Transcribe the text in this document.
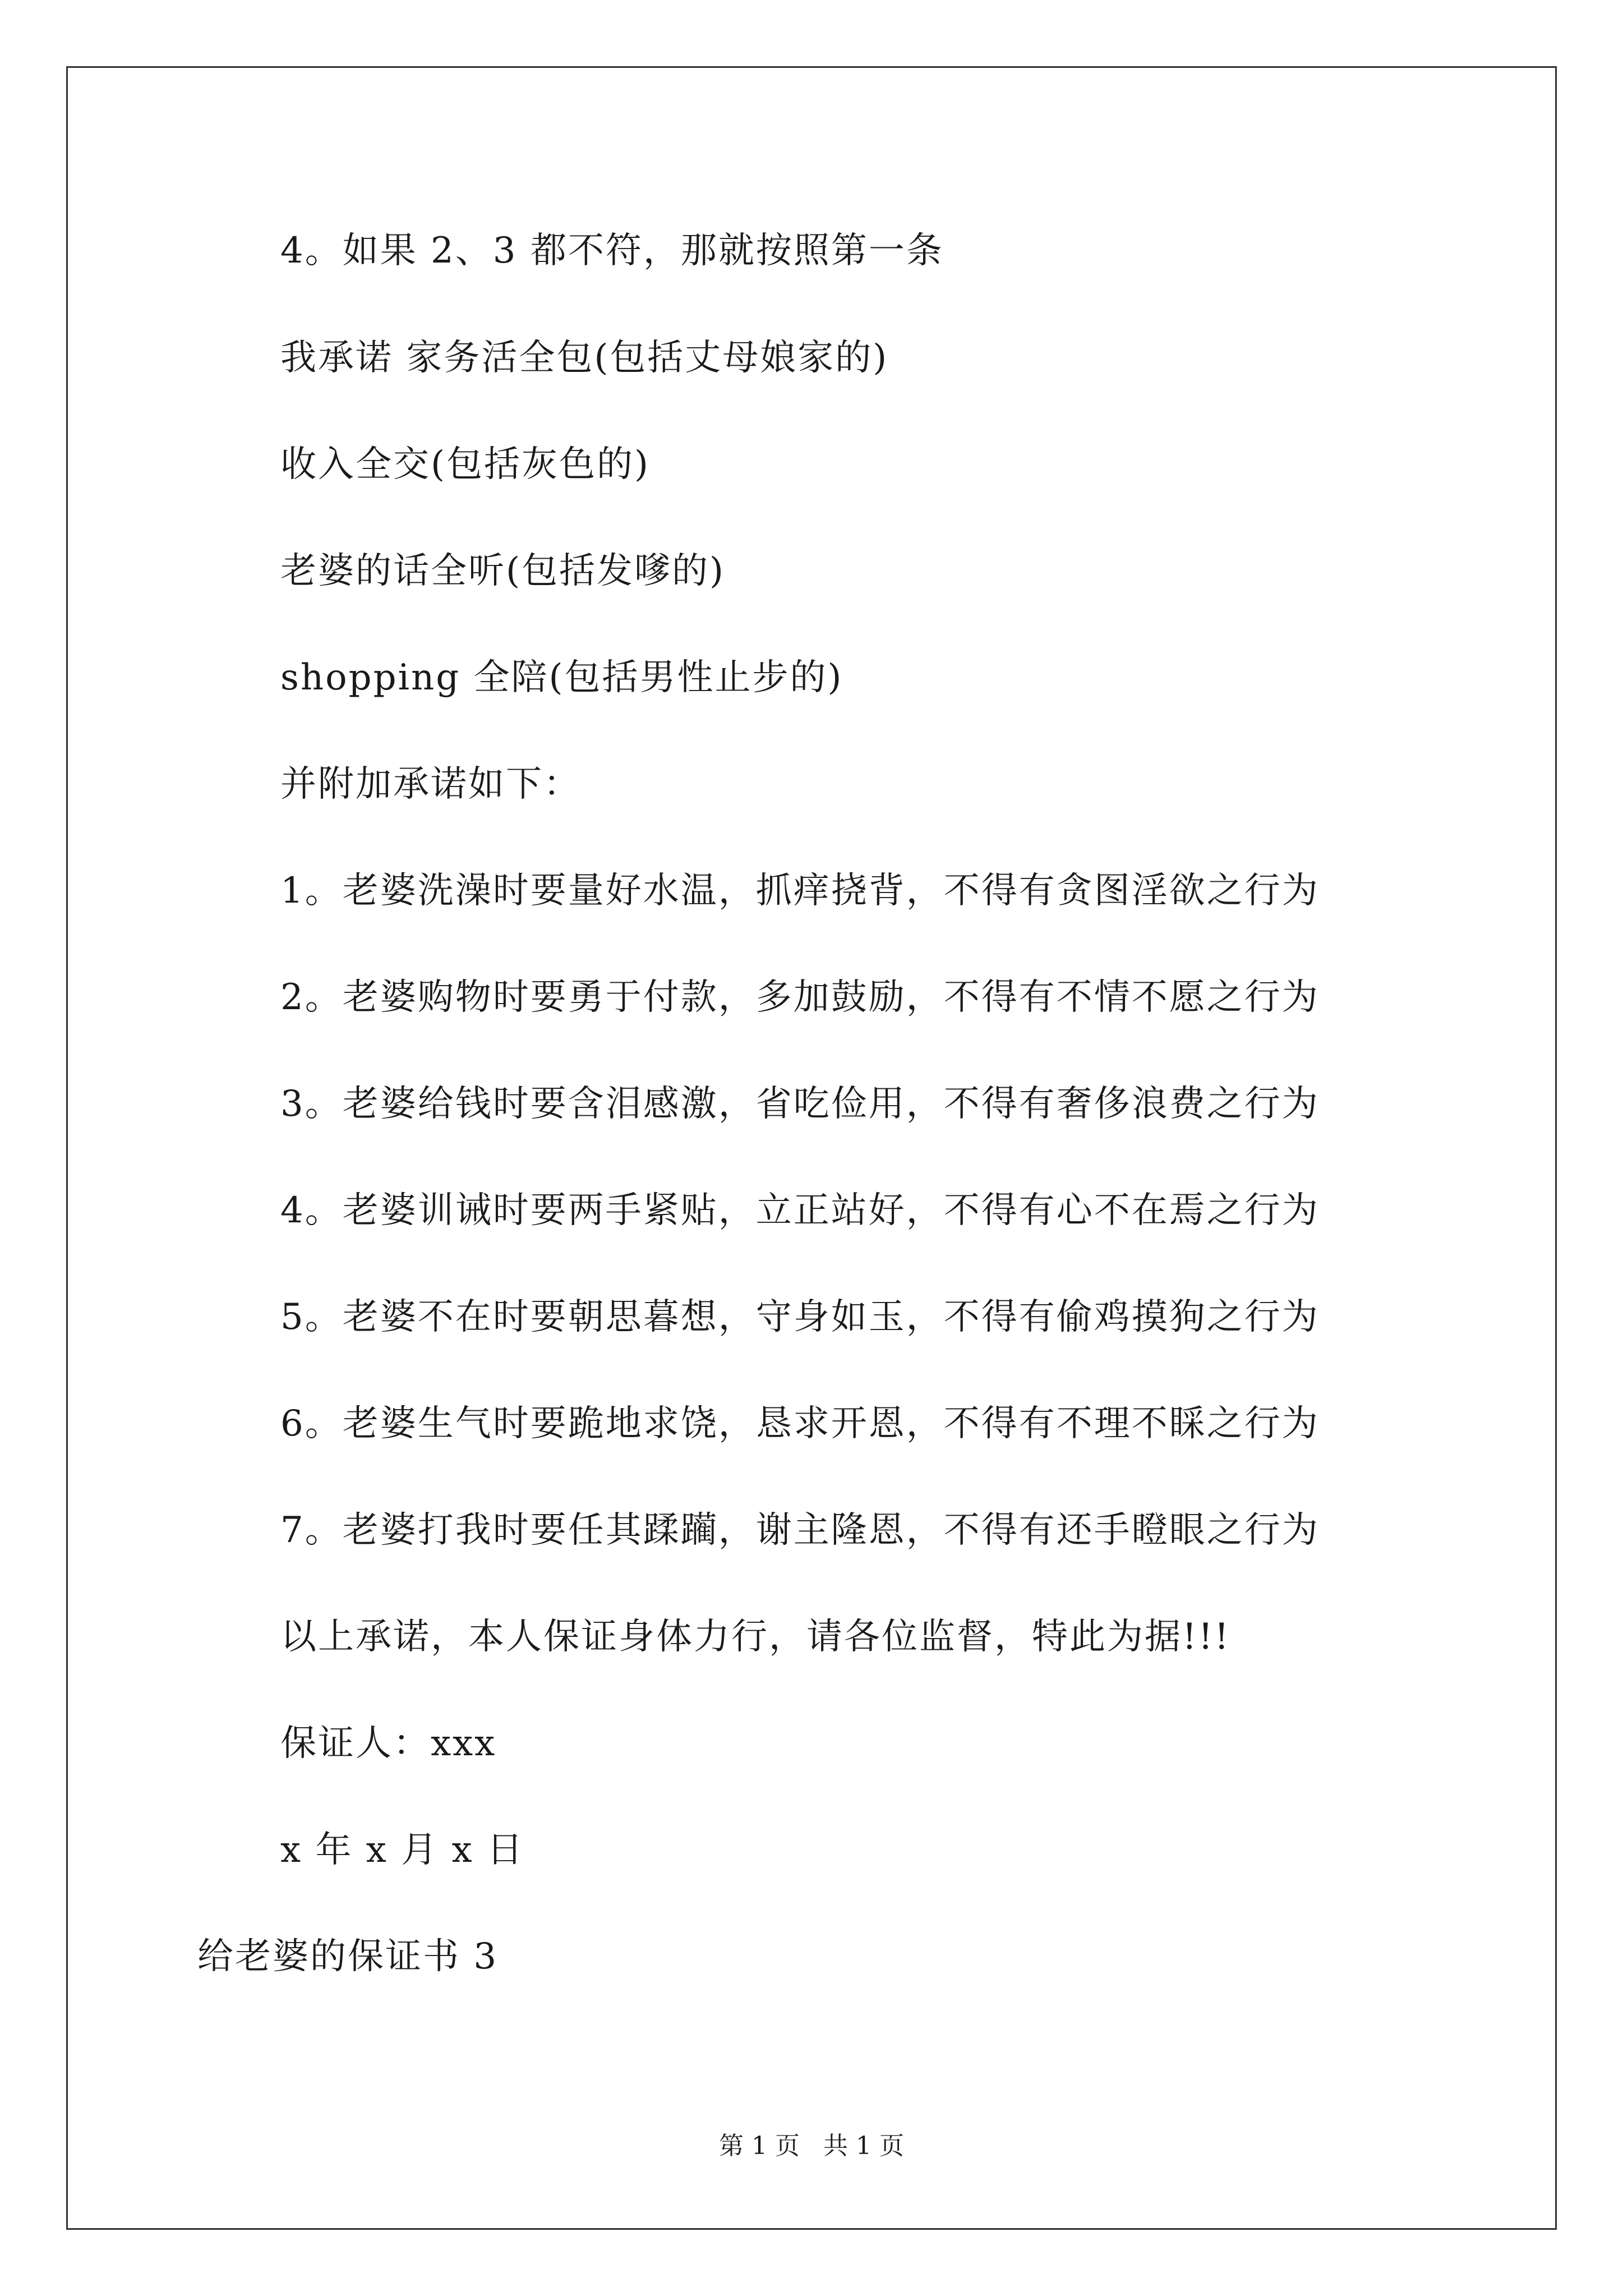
4。如果 2、3 都不符，那就按照第一条
我承诺 家务活全包(包括丈母娘家的)
收入全交(包括灰色的)
老婆的话全听(包括发嗲的)
shopping 全陪(包括男性止步的)
并附加承诺如下：
1。老婆洗澡时要量好水温，抓痒挠背，不得有贪图淫欲之行为
2。老婆购物时要勇于付款，多加鼓励，不得有不情不愿之行为
3。老婆给钱时要含泪感激，省吃俭用，不得有奢侈浪费之行为
4。老婆训诫时要两手紧贴，立正站好，不得有心不在焉之行为
5。老婆不在时要朝思暮想，守身如玉，不得有偷鸡摸狗之行为
6。老婆生气时要跪地求饶，恳求开恩，不得有不理不睬之行为
7。老婆打我时要任其蹂躏，谢主隆恩，不得有还手瞪眼之行为
以上承诺，本人保证身体力行，请各位监督，特此为据!!!
保证人：xxx
x 年 x 月 x 日
给老婆的保证书 3
第 1 页   共 1 页
